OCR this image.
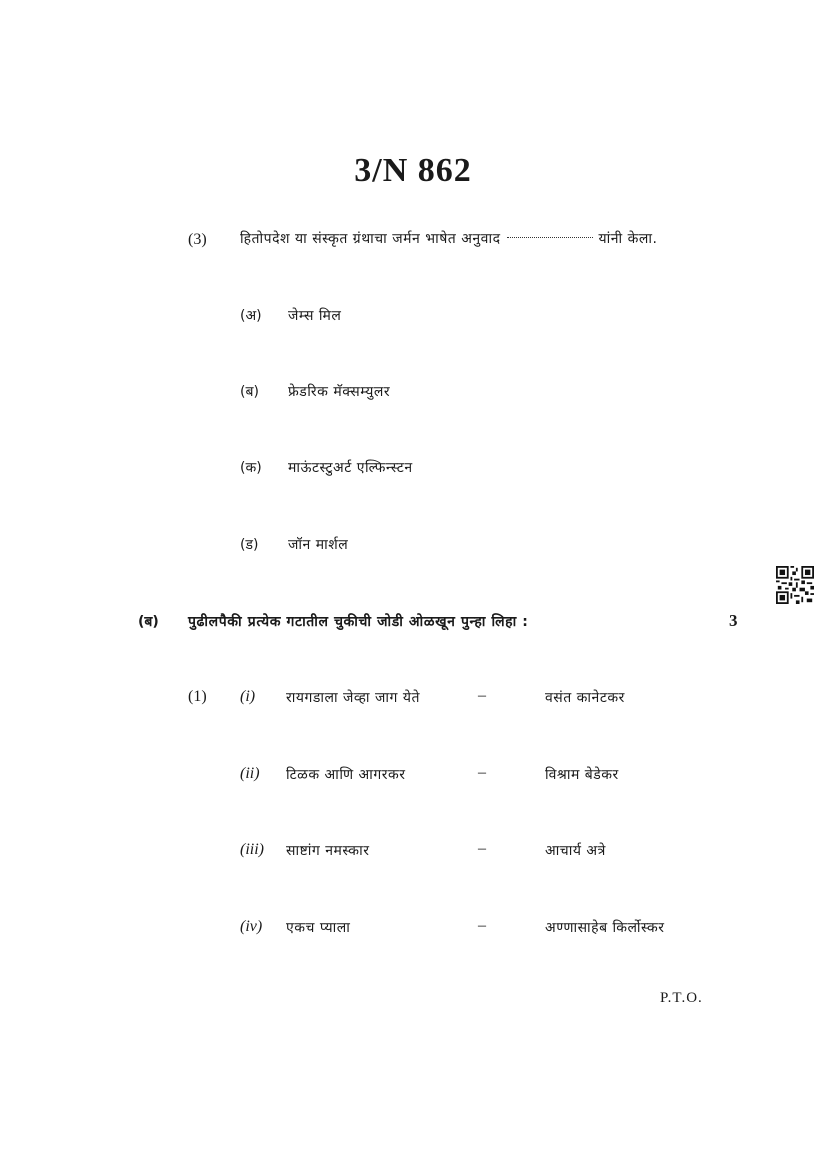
3/N 862
(3) हितोपदेश या संस्कृत ग्रंथाचा जर्मन भाषेत अनुवाद	यांनी केला.
(अ) जेम्स मिल
(ब) फ्रेडरिक मॅक्सम्युलर
(क) माऊंटस्टुअर्ट एल्फिन्स्टन
(ड) जॉन मार्शल
(ब) पुढीलपैकी प्रत्येक गटातील चुकीची जोडी ओळखून पुन्हा लिहा :	3
(1) (i) रायगडाला जेव्हा जाग येते	–	वसंत कानेटकर
(ii) टिळक आणि आगरकर	–	विश्राम बेडेकर
(iii) साष्टांग नमस्कार	–	आचार्य अत्रे
(iv) एकच प्याला	–	अण्णासाहेब किर्लोस्कर
P.T.O.
